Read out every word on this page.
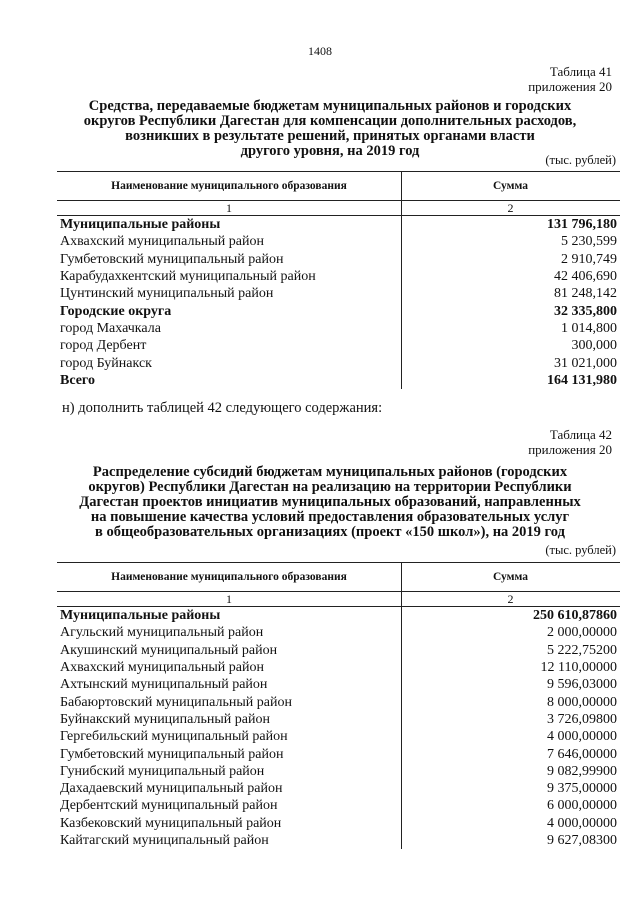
1408
Таблица 41
приложения 20
Средства, передаваемые бюджетам муниципальных районов и городских
округов Республики Дагестан для компенсации дополнительных расходов,
возникших в результате решений, принятых органами власти
другого уровня, на 2019 год
(тыс. рублей)
Наименование муниципального образования	Сумма
1	2
Муниципальные районы	131 796,180
Ахвахский муниципальный район	5 230,599
Гумбетовский муниципальный район	2 910,749
Карабудахкентский муниципальный район	42 406,690
Цунтинский муниципальный район	81 248,142
Городские округа	32 335,800
город Махачкала	1 014,800
город Дербент	300,000
город Буйнакск	31 021,000
Всего	164 131,980
н) дополнить таблицей 42 следующего содержания:
Таблица 42
приложения 20
Распределение субсидий бюджетам муниципальных районов (городских
округов) Республики Дагестан на реализацию на территории Республики
Дагестан проектов инициатив муниципальных образований, направленных
на повышение качества условий предоставления образовательных услуг
в общеобразовательных организациях (проект «150 школ»), на 2019 год
(тыс. рублей)
Наименование муниципального образования	Сумма
1	2
Муниципальные районы	250 610,87860
Агульский муниципальный район	2 000,00000
Акушинский муниципальный район	5 222,75200
Ахвахский муниципальный район	12 110,00000
Ахтынский муниципальный район	9 596,03000
Бабаюртовский муниципальный район	8 000,00000
Буйнакский муниципальный район	3 726,09800
Гергебильский муниципальный район	4 000,00000
Гумбетовский муниципальный район	7 646,00000
Гунибский муниципальный район	9 082,99900
Дахадаевский муниципальный район	9 375,00000
Дербентский муниципальный район	6 000,00000
Казбековский муниципальный район	4 000,00000
Кайтагский муниципальный район	9 627,08300
